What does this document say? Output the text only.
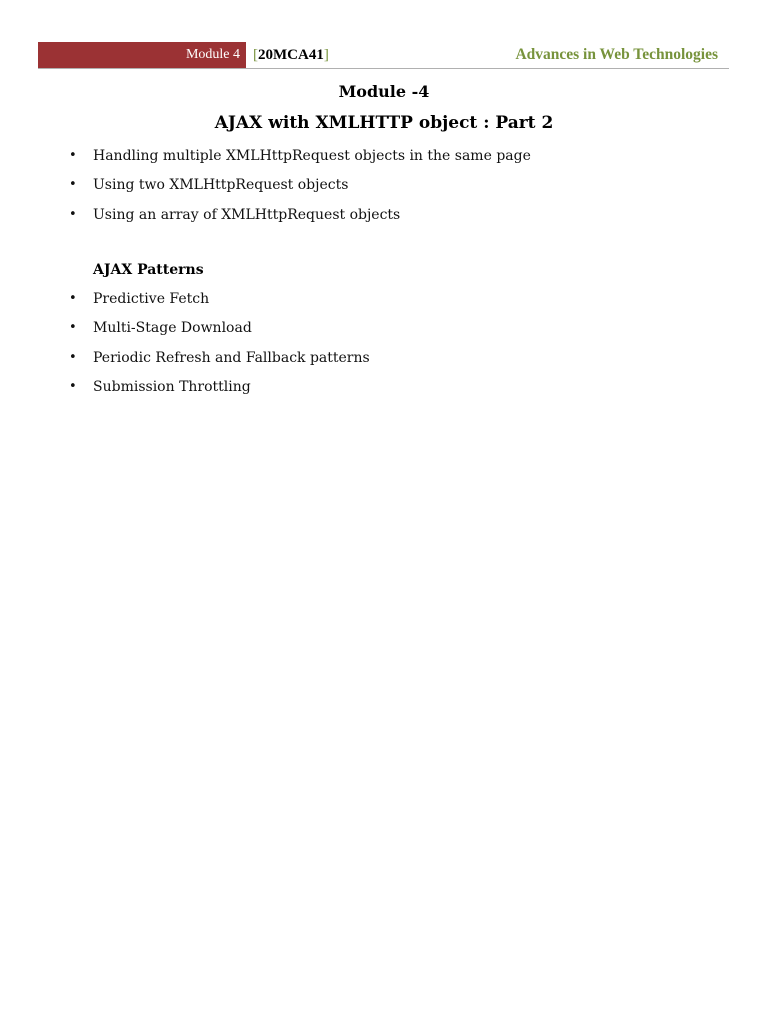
Module 4 [20MCA41]	Advances in Web Technologies
Module -4
AJAX with XMLHTTP object : Part 2
• Handling multiple XMLHttpRequest objects in the same page
• Using two XMLHttpRequest objects
• Using an array of XMLHttpRequest objects
AJAX Patterns
• Predictive Fetch
• Multi-Stage Download
• Periodic Refresh and Fallback patterns
• Submission Throttling
